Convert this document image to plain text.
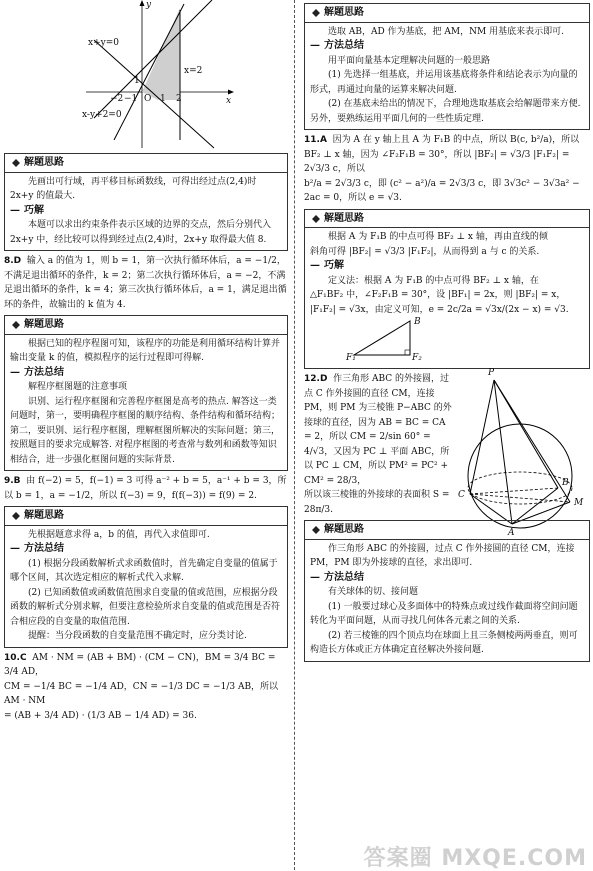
y
x
x+y=0
x-y+2=0
x=2
−2 −1 O 1 2
1
解题思路

先画出可行域，再平移目标函数线，可得出经过点(2,4)时 2x+y 的值最大.

— 巧解

本题可以求出约束条件表示区域的边界的交点，然后分别代入 2x+y 中，经比较可以得到经过点(2,4)时，2x+y 取得最大值 8.

8.D 输入 a 的值为 1，则 b = 1，第一次执行循环体后，a = −1/2，不满足退出循环的条件，k = 2；第二次执行循环体后，a = −2，不满足退出循环的条件，k = 4；第三次执行循环体后，a = 1，满足退出循环的条件，故输出的 k 值为 4.

解题思路

根据已知的程序程图可知，该程序的功能是利用循环结构计算并输出变量 k 的值，模拟程序的运行过程即可得解.

— 方法总结

解程序框图题的注意事项

识别、运行程序框图和完善程序框图是高考的热点. 解答这一类问题时，第一，要明确程序框图的顺序结构、条件结构和循环结构；第二，要识别、运行程序框图，理解框图所解决的实际问题；第三，按照题目的要求完成解答. 对程序框图的考查常与数列和函数等知识相结合，进一步强化框图问题的实际背景.

9.B 由 f(−2) = 5，f(−1) = 3 可得 a⁻² + b = 5，a⁻¹ + b = 3，所以 b = 1，a = −1/2，所以 f(−3) = 9，f(f(−3)) = f(9) = 2.

解题思路

先根据题意求得 a，b 的值，再代入求值即可.

— 方法总结

(1) 根据分段函数解析式求函数值时，首先确定自变量的值属于哪个区间，其次选定相应的解析式代入求解.

(2) 已知函数值或函数值范围求自变量的值或范围，应根据分段函数的解析式分别求解，但要注意检验所求自变量的值或范围是否符合相应段的自变量的取值范围.

提醒：当分段函数的自变量范围不确定时，应分类讨论.

10.C AM · NM = (AB + BM) · (CM − CN)，BM = 3/4 BC = 3/4 AD，

CM = −1/4 BC = −1/4 AD，CN = −1/3 DC = −1/3 AB，所以 AM · NM

= (AB + 3/4 AD) · (1/3 AB − 1/4 AD) = 36.

解题思路

选取 AB，AD 作为基底，把 AM，NM 用基底来表示即可.

— 方法总结

用平面向量基本定理解决问题的一般思路

(1) 先选择一组基底，并运用该基底将条件和结论表示为向量的形式，再通过向量的运算来解决问题.

(2) 在基底未给出的情况下，合理地选取基底会给解题带来方便. 另外，要熟练运用平面几何的一些性质定理.

11.A 因为 A 在 y 轴上且 A 为 F₁B 的中点，所以 B(c, b²/a)，所以

BF₂ ⊥ x 轴，因为 ∠F₂F₁B = 30°，所以 |BF₂| = √3/3 |F₁F₂| = 2√3/3 c，所以

b²/a = 2√3/3 c，即 (c² − a²)/a = 2√3/3 c，即 3√3c² − 3√3a² − 2ac = 0，所以 e = √3.

解题思路

根据 A 为 F₁B 的中点可得 BF₂ ⊥ x 轴，再由直线的倾

斜角可得 |BF₂| = √3/3 |F₁F₂|，从而得到 a 与 c 的关系.

— 巧解

定义法：根据 A 为 F₁B 的中点可得 BF₂ ⊥ x 轴，在

△F₁BF₂ 中，∠F₂F₁B = 30°，设 |BF₁| = 2x，则 |BF₂| = x，

|F₁F₂| = √3x，由定义可知，e = 2c/2a = √3x/(2x − x) = √3.

B
F₁	F₂
P
C
B
M
A

12.D 作三角形 ABC 的外接圆，过点 C 作外接圆的直径 CM，连接 PM，则 PM 为三棱锥 P−ABC 的外接球的直径，因为 AB = BC = CA = 2，所以 CM = 2/sin 60° =

4/√3，又因为 PC ⊥ 平面 ABC，所以 PC ⊥ CM，所以 PM² = PC² + CM² = 28/3，

所以该三棱锥的外接球的表面积 S = 28π/3.

解题思路

作三角形 ABC 的外接圆，过点 C 作外接圆的直径 CM，连接 PM，PM 即为外接球的直径，求出即可.

— 方法总结

有关球体的切、接问题

(1) 一般要过球心及多面体中的特殊点或过线作截面将空间问题转化为平面问题，从而寻找几何体各元素之间的关系.

(2) 若三棱锥的四个顶点均在球面上且三条侧棱两两垂直，则可构造长方体或正方体确定直径解决外接问题.

答案圈 MXQE.COM
